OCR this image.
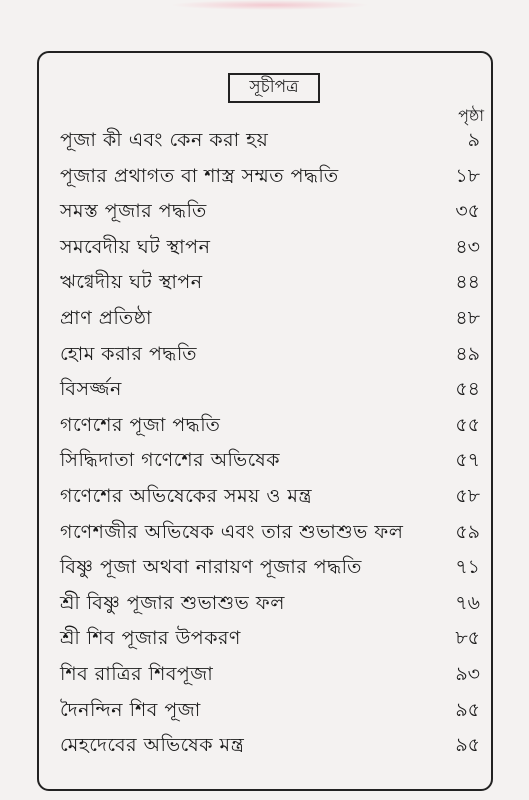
সূচীপত্র
পৃষ্ঠা
পূজা কী এবং কেন করা হয়	৯
পূজার প্রথাগত বা শাস্ত্র সম্মত পদ্ধতি	১৮
সমস্ত পূজার পদ্ধতি	৩৫
সমবেদীয় ঘট স্থাপন	৪৩
ঋগ্বেদীয় ঘট স্থাপন	৪৪
প্রাণ প্রতিষ্ঠা	৪৮
হোম করার পদ্ধতি	৪৯
বিসর্জ্জন	৫৪
গণেশের পূজা পদ্ধতি	৫৫
সিদ্ধিদাতা গণেশের অভিষেক	৫৭
গণেশের অভিষেকের সময় ও মন্ত্র	৫৮
গণেশজীর অভিষেক এবং তার শুভাশুভ ফল	৫৯
বিষ্ণু পূজা অথবা নারায়ণ পূজার পদ্ধতি	৭১
শ্রী বিষ্ণু পূজার শুভাশুভ ফল	৭৬
শ্রী শিব পূজার উপকরণ	৮৫
শিব রাত্রির শিবপূজা	৯৩
দৈনন্দিন শিব পূজা	৯৫
মেহদেবের অভিষেক মন্ত্র	৯৫
